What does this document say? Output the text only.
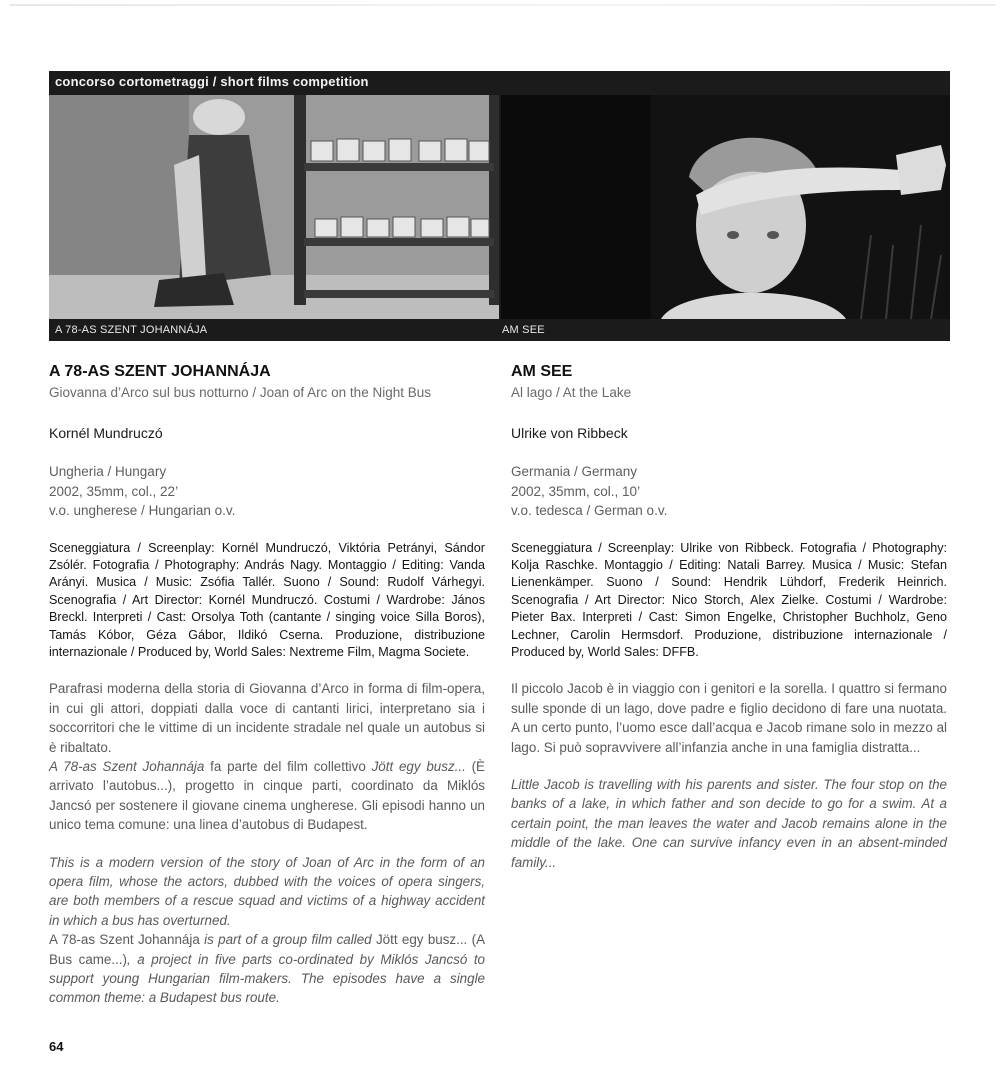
concorso cortometraggi / short films competition
A 78-AS SZENT JOHANNÁJA	AM SEE
A 78-AS SZENT JOHANNÁJA

Giovanna d’Arco sul bus notturno / Joan of Arc on the Night Bus

Kornél Mundruczó

Ungheria / Hungary
2002, 35mm, col., 22’
v.o. ungherese / Hungarian o.v.
Sceneggiatura / Screenplay: Kornél Mundruczó, Viktória Petrányi, Sándor Zsólér. Fotografia / Photography: András Nagy. Montaggio / Editing: Vanda Arányi. Musica / Music: Zsófia Tallér. Suono / Sound: Rudolf Várhegyi. Scenografia / Art Director: Kornél Mundruczó. Costumi / Wardrobe: János Breckl. Interpreti / Cast: Orsolya Toth (cantante / singing voice Silla Boros), Tamás Kóbor, Géza Gábor, Ildikó Cserna. Produzione, distribuzione internazionale / Produced by, World Sales: Nextreme Film, Magma Societe.

Parafrasi moderna della storia di Giovanna d’Arco in forma di film-opera, in cui gli attori, doppiati dalla voce di cantanti lirici, interpretano sia i soccorritori che le vittime di un incidente stradale nel quale un autobus si è ribaltato.

A 78-as Szent Johannája fa parte del film collettivo Jött egy busz... (È arrivato l’autobus...), progetto in cinque parti, coordinato da Miklós Jancsó per sostenere il giovane cinema ungherese. Gli episodi hanno un unico tema comune: una linea d’autobus di Budapest.

This is a modern version of the story of Joan of Arc in the form of an opera film, whose the actors, dubbed with the voices of opera singers, are both members of a rescue squad and victims of a highway accident in which a bus has overturned.

A 78-as Szent Johannája is part of a group film called Jött egy busz... (A Bus came...), a project in five parts co-ordinated by Miklós Jancsó to support young Hungarian film-makers. The episodes have a single common theme: a Budapest bus route.

AM SEE

Al lago / At the Lake

Ulrike von Ribbeck

Germania / Germany
2002, 35mm, col., 10’
v.o. tedesca / German o.v.
Sceneggiatura / Screenplay: Ulrike von Ribbeck. Fotografia / Photography: Kolja Raschke. Montaggio / Editing: Natali Barrey. Musica / Music: Stefan Lienenkämper. Suono / Sound: Hendrik Lühdorf, Frederik Heinrich. Scenografia / Art Director: Nico Storch, Alex Zielke. Costumi / Wardrobe: Pieter Bax. Interpreti / Cast: Simon Engelke, Christopher Buchholz, Geno Lechner, Carolin Hermsdorf. Produzione, distribuzione internazionale / Produced by, World Sales: DFFB.

Il piccolo Jacob è in viaggio con i genitori e la sorella. I quattro si fermano sulle sponde di un lago, dove padre e figlio decidono di fare una nuotata. A un certo punto, l’uomo esce dall’acqua e Jacob rimane solo in mezzo al lago. Si può sopravvivere all’infanzia anche in una famiglia distratta...

Little Jacob is travelling with his parents and sister. The four stop on the banks of a lake, in which father and son decide to go for a swim. At a certain point, the man leaves the water and Jacob remains alone in the middle of the lake. One can survive infancy even in an absent-minded family...

64
